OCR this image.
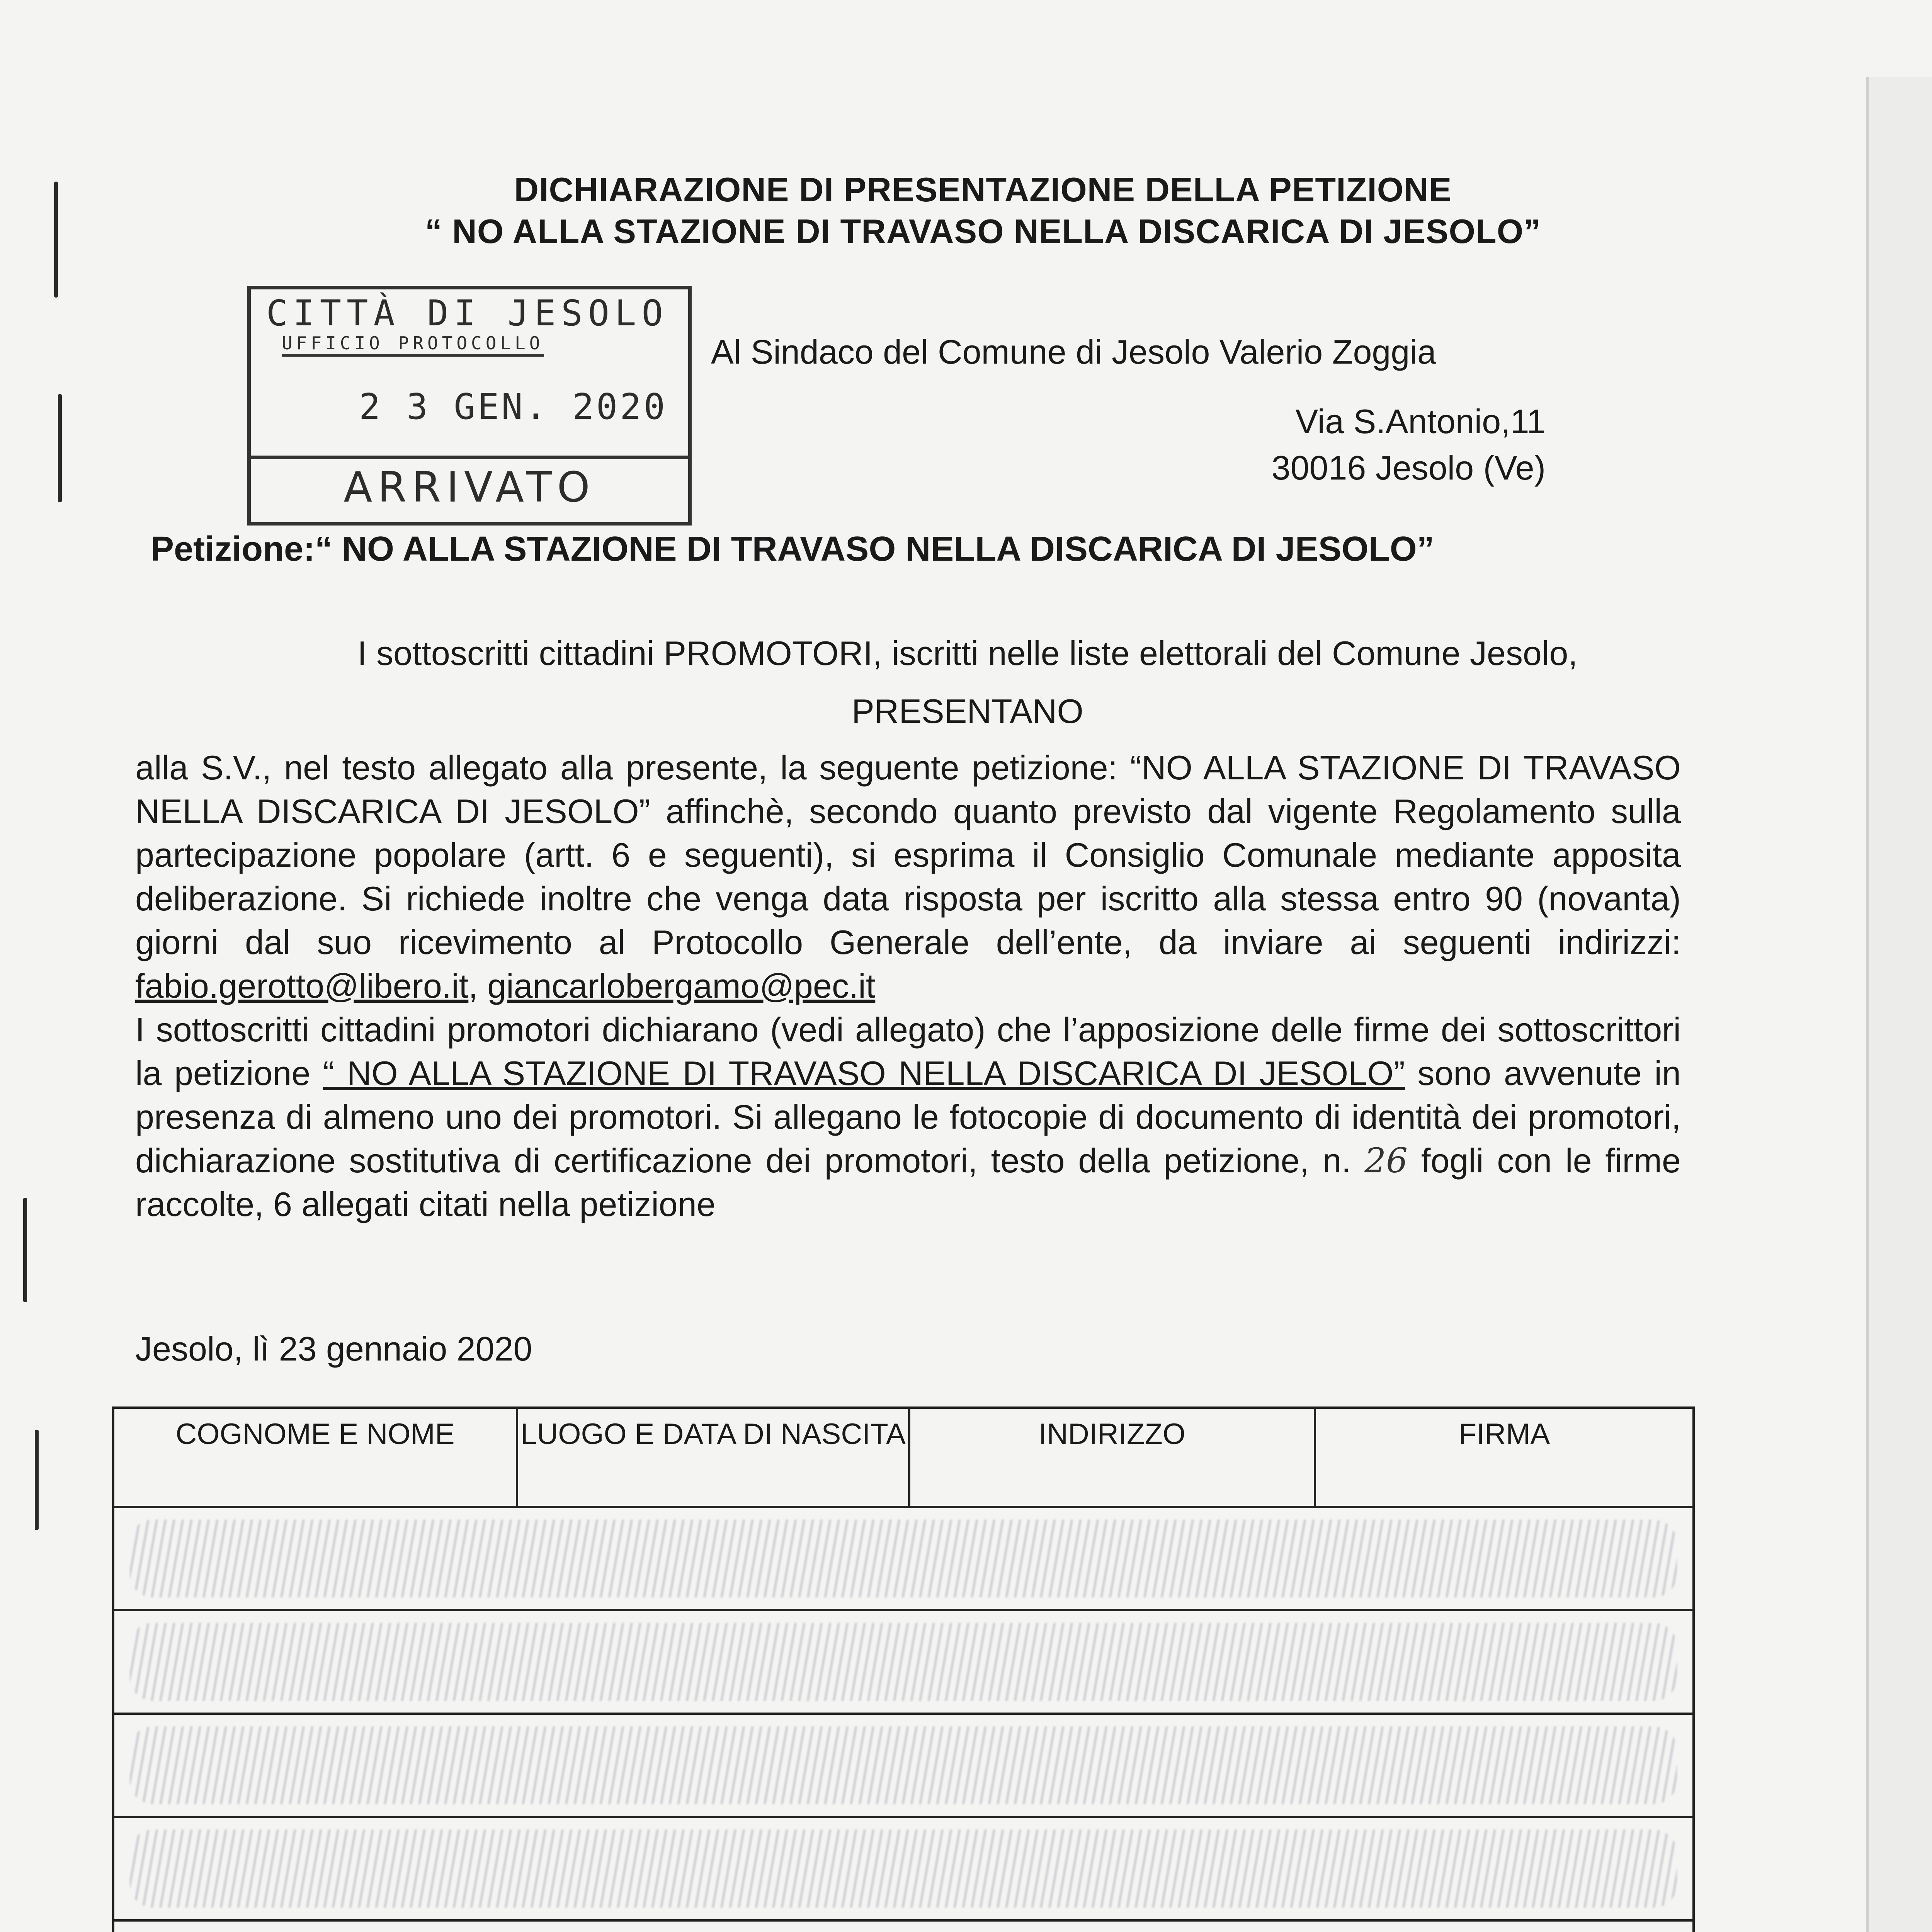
DICHIARAZIONE DI PRESENTAZIONE DELLA PETIZIONE
“ NO ALLA STAZIONE DI TRAVASO NELLA DISCARICA DI JESOLO”
CITTÀ DI JESOLO
UFFICIO PROTOCOLLO
2 3 GEN. 2020
ARRIVATO
Al Sindaco del Comune di Jesolo Valerio Zoggia
Via S.Antonio,11
30016 Jesolo (Ve)
Petizione:“ NO ALLA STAZIONE DI TRAVASO NELLA DISCARICA DI JESOLO”
I sottoscritti cittadini PROMOTORI, iscritti nelle liste elettorali del Comune Jesolo,
PRESENTANO
alla S.V., nel testo allegato alla presente, la seguente petizione: “NO ALLA STAZIONE DI TRAVASO NELLA DISCARICA DI JESOLO” affinchè, secondo quanto previsto dal vigente Regolamento sulla partecipazione popolare (artt. 6 e seguenti), si esprima il Consiglio Comunale mediante apposita deliberazione. Si richiede inoltre che venga data risposta per iscritto alla stessa entro 90 (novanta) giorni dal suo ricevimento al Protocollo Generale dell’ente, da inviare ai seguenti indirizzi: fabio.gerotto@libero.it, giancarlobergamo@pec.it
I sottoscritti cittadini promotori dichiarano (vedi allegato) che l’apposizione delle firme dei sottoscrittori la petizione “ NO ALLA STAZIONE DI TRAVASO NELLA DISCARICA DI JESOLO” sono avvenute in presenza di almeno uno dei promotori. Si allegano le fotocopie di documento di identità dei promotori, dichiarazione sostitutiva di certificazione dei promotori, testo della petizione, n. 26 fogli con le firme raccolte, 6 allegati citati nella petizione
Jesolo, lì 23 gennaio 2020
COGNOME E NOME	LUOGO E DATA DI NASCITA	INDIRIZZO	FIRMA
